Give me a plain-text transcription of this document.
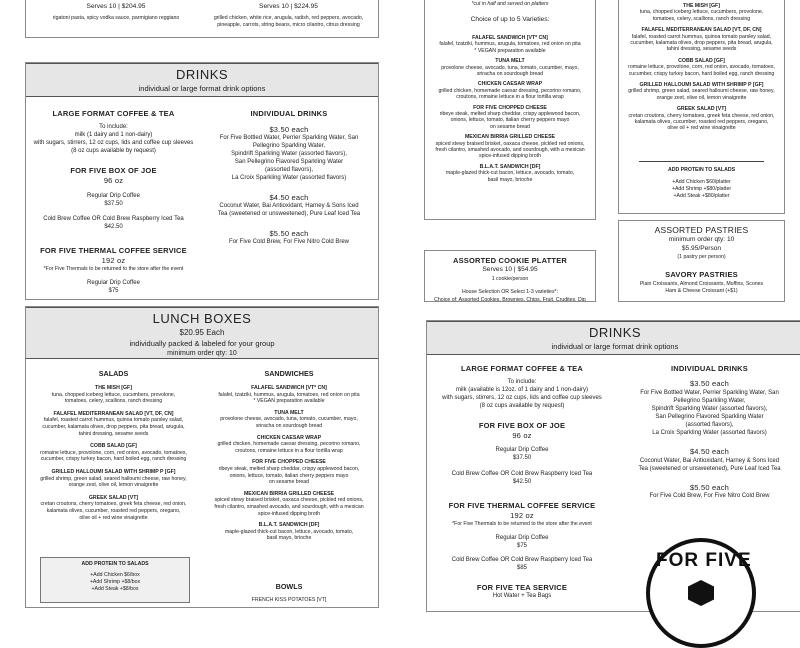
Serves 10 | $204.95
rigatoni pasta, spicy vodka sauce, parmigiano reggiano
Serves 10 | $224.95
grilled chicken, white rice, arugula, radish, red peppers, avocado,
pineapple, carrots, string beans, micro cilantro, citrus dressing
DRINKS
individual or large format drink options
LARGE FORMAT COFFEE & TEA
To include:
milk (1 dairy and 1 non-dairy)
with sugars, stirrers, 12 oz cups, lids and coffee cup sleeves
(8 oz cups available by request)
FOR FIVE BOX OF JOE
96 oz
Regular Drip Coffee
$37.50
Cold Brew Coffee OR Cold Brew Raspberry Iced Tea
$42.50
FOR FIVE THERMAL COFFEE SERVICE
192 oz
*For Five Thermals to be returned to the store after the event
Regular Drip Coffee
$75
INDIVIDUAL DRINKS
$3.50 each
For Five Bottled Water, Perrier Sparkling Water, San
Pellegrino Sparkling Water,
Spindrift Sparkling Water (assorted flavors),
San Pellegrino Flavored Sparkling Water
(assorted flavors),
La Croix Sparkling Water (assorted flavors)
$4.50 each
Coconut Water, Bai Antioxidant, Harney & Sons Iced
Tea (sweetened or unsweetened), Pure Leaf Iced Tea
$5.50 each
For Five Cold Brew, For Five Nitro Cold Brew
LUNCH BOXES
$20.95 Each
individually packed & labeled for your group
minimum order qty: 10
SALADS
THE MISH [GF]
tuna, chopped iceberg lettuce, cucumbers, provolone,
tomatoes, celery, scallions, ranch dressing
FALAFEL MEDITERRANEAN SALAD [VT, DF, CN]
falafel, roasted carrot hummus, quinoa tomato parsley salad,
cucumber, kalamata olives, drop peppers, pita bread, arugula,
tahini dressing, sesame seeds
COBB SALAD [GF]
romaine lettuce, provolone, corn, red onion, avocado, tomatoes,
cucumber, crispy turkey bacon, hard boiled egg, ranch dressing
GRILLED HALLOUMI SALAD WITH SHRIMP P [GF]
grilled shrimp, green salad, seared halloumi cheese, raw honey,
orange zest, olive oil, lemon vinaigrette
GREEK SALAD [VT]
cretan croutons, cherry tomatoes, greek feta cheese, red onion,
kalamata olives, cucumber, roasted red peppers, oregano,
olive oil + red wine vinaigrette
SANDWICHES
FALAFEL SANDWICH [VT* CN]
falafel, tzatziki, hummus, arugula, tomatoes, red onion on pita
* VEGAN preparation available
TUNA MELT
provolone cheese, avocado, tuna, tomato, cucumber, mayo,
sriracha on sourdough bread
CHICKEN CAESAR WRAP
grilled chicken, homemade caesar dressing, pecorino romano,
croutons, romaine lettuce in a flour tortilla wrap
FOR FIVE CHOPPED CHEESE
ribeye steak, melted sharp cheddar, crispy applewood bacon,
onions, lettuce, tomato, italian cherry peppers mayo
on sesame bread
MEXICAN BIRRIA GRILLED CHEESE
spiced stewy braised brisket, oaxaca cheese, pickled red onions,
fresh cilantro, smashed avocado, and sourdough, with a mexican
spice-infused dipping broth
B.L.A.T. SANDWICH [DF]
maple-glazed thick-cut bacon, lettuce, avocado, tomato,
basil mayo, brioche
ADD PROTEIN TO SALADS
+Add Chicken $6/box
+Add Shrimp +$8/box
+Add Steak +$8/box	BOWLS
FRENCH KISS POTATOES [VT]
*cut in half and served on platters
Choice of up to 5 Varieties:
FALAFEL SANDWICH [VT* CN]
falafel, tzatziki, hummus, arugula, tomatoes, red onion on pita
* VEGAN preparation available
TUNA MELT
provolone cheese, avocado, tuna, tomato, cucumber, mayo,
sriracha on sourdough bread
CHICKEN CAESAR WRAP
grilled chicken, homemade caesar dressing, pecorino romano,
croutons, romaine lettuce in a flour tortilla wrap
FOR FIVE CHOPPED CHEESE
ribeye steak, melted sharp cheddar, crispy applewood bacon,
onions, lettuce, tomato, italian cherry peppers mayo
on sesame bread
MEXICAN BIRRIA GRILLED CHEESE
spiced stewy braised brisket, oaxaca cheese, pickled red onions,
fresh cilantro, smashed avocado, and sourdough, with a mexican
spice-infused dipping broth
B.L.A.T. SANDWICH [DF]
maple-glazed thick-cut bacon, lettuce, avocado, tomato,
basil mayo, brioche
ASSORTED COOKIE PLATTER
Serves 10 | $54.95
1 cookie/person
House Selection OR Select 1-3 varieties*:
Choice of: Assorted Cookies, Brownies, Chips, Fruit, Crudites, Dip
THE MISH [GF]
tuna, chopped iceberg lettuce, cucumbers, provolone,
tomatoes, celery, scallions, ranch dressing
FALAFEL MEDITERRANEAN SALAD [VT, DF, CN]
falafel, roasted carrot hummus, quinoa tomato parsley salad,
cucumber, kalamata olives, drop peppers, pita bread, arugula,
tahini dressing, sesame seeds
COBB SALAD [GF]
romaine lettuce, provolone, corn, red onion, avocado, tomatoes,
cucumber, crispy turkey bacon, hard boiled egg, ranch dressing
GRILLED HALLOUMI SALAD WITH SHRIMP P [GF]
grilled shrimp, green salad, seared halloumi cheese, raw honey,
orange zest, olive oil, lemon vinaigrette
GREEK SALAD [VT]
cretan croutons, cherry tomatoes, greek feta cheese, red onion,
kalamata olives, cucumber, roasted red peppers, oregano,
olive oil + red wine vinaigrette
ADD PROTEIN TO SALADS
+Add Chicken $60/platter
+Add Shrimp +$80/platter
+Add Steak +$80/platter
ASSORTED PASTRIES
minimum order qty: 10
$5.95/Person
(1 pastry per person)
SAVORY PASTRIES
Plain Croissants, Almond Croissants, Muffins, Scones
Ham & Cheese Croissant (+$1)
DRINKS
individual or large format drink options
LARGE FORMAT COFFEE & TEA
To include:
milk (available is 12oz. of 1 dairy and 1 non-dairy)
with sugars, stirrers, 12 oz cups, lids and coffee cup sleeves
(8 oz cups available by request)
FOR FIVE BOX OF JOE
96 oz
Regular Drip Coffee
$37.50
Cold Brew Coffee OR Cold Brew Raspberry Iced Tea
$42.50
FOR FIVE THERMAL COFFEE SERVICE
192 oz
*For Five Thermals to be returned to the store after the event
Regular Drip Coffee
$75
Cold Brew Coffee OR Cold Brew Raspberry Iced Tea
$85
FOR FIVE TEA SERVICE
Hot Water + Tea Bags
INDIVIDUAL DRINKS
$3.50 each
For Five Bottled Water, Perrier Sparkling Water, San
Pellegrino Sparkling Water,
Spindrift Sparkling Water (assorted flavors),
San Pellegrino Flavored Sparkling Water
(assorted flavors),
La Croix Sparkling Water (assorted flavors)
$4.50 each
Coconut Water, Bai Antioxidant, Harney & Sons Iced
Tea (sweetened or unsweetened), Pure Leaf Iced Tea
$5.50 each
For Five Cold Brew, For Five Nitro Cold Brew
FOR FIVE
